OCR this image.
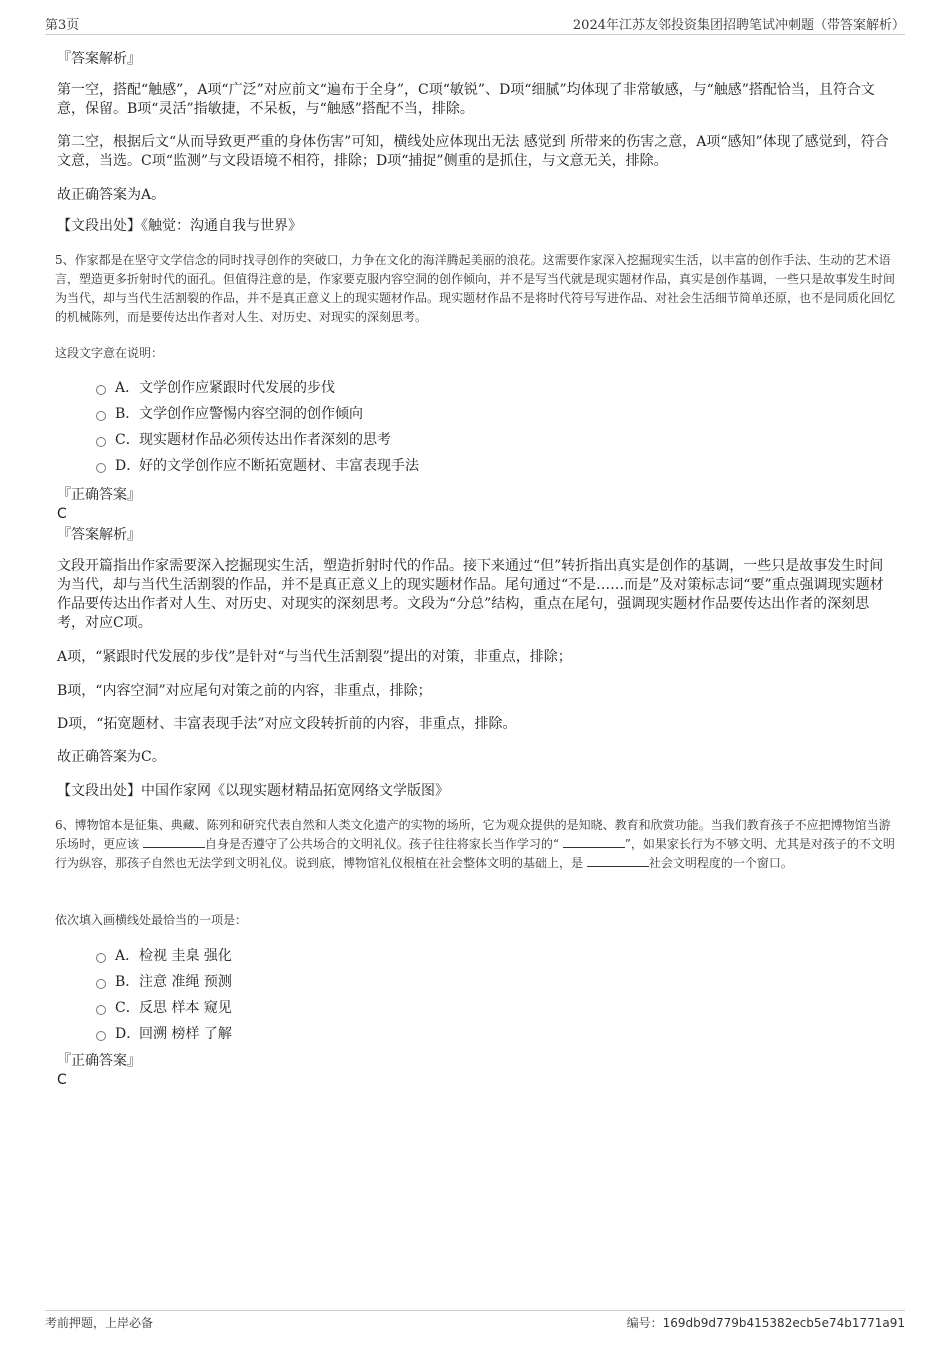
第3页	2024年江苏友邻投资集团招聘笔试冲刺题（带答案解析）
『答案解析』
第一空，搭配“触感”，A项“广泛”对应前文“遍布于全身”，C项“敏锐”、D项“细腻”均体现了非常敏感，与“触感”搭配恰当，且符合文意，保留。B项“灵活”指敏捷，不呆板，与“触感”搭配不当，排除。
第二空，根据后文“从而导致更严重的身体伤害”可知，横线处应体现出无法 感觉到 所带来的伤害之意，A项“感知”体现了感觉到，符合文意，当选。C项“监测”与文段语境不相符，排除；D项“捕捉”侧重的是抓住，与文意无关，排除。
故正确答案为A。
【文段出处】《触觉：沟通自我与世界》
5、作家都是在坚守文学信念的同时找寻创作的突破口，力争在文化的海洋腾起美丽的浪花。这需要作家深入挖掘现实生活，以丰富的创作手法、生动的艺术语言，塑造更多折射时代的面孔。但值得注意的是，作家要克服内容空洞的创作倾向，并不是写当代就是现实题材作品，真实是创作基调，一些只是故事发生时间为当代，却与当代生活割裂的作品，并不是真正意义上的现实题材作品。现实题材作品不是将时代符号写进作品、对社会生活细节简单还原，也不是同质化回忆的机械陈列，而是要传达出作者对人生、对历史、对现实的深刻思考。
这段文字意在说明：
A．文学创作应紧跟时代发展的步伐
B．文学创作应警惕内容空洞的创作倾向
C．现实题材作品必须传达出作者深刻的思考
D．好的文学创作应不断拓宽题材、丰富表现手法
『正确答案』
C
『答案解析』
文段开篇指出作家需要深入挖掘现实生活，塑造折射时代的作品。接下来通过“但”转折指出真实是创作的基调，一些只是故事发生时间为当代，却与当代生活割裂的作品，并不是真正意义上的现实题材作品。尾句通过“不是……而是”及对策标志词“要”重点强调现实题材作品要传达出作者对人生、对历史、对现实的深刻思考。文段为“分总”结构，重点在尾句，强调现实题材作品要传达出作者的深刻思考，对应C项。
A项，“紧跟时代发展的步伐”是针对“与当代生活割裂”提出的对策，非重点，排除；
B项，“内容空洞”对应尾句对策之前的内容，非重点，排除；
D项，“拓宽题材、丰富表现手法”对应文段转折前的内容，非重点，排除。
故正确答案为C。
【文段出处】中国作家网《以现实题材精品拓宽网络文学版图》
6、博物馆本是征集、典藏、陈列和研究代表自然和人类文化遗产的实物的场所，它为观众提供的是知晓、教育和欣赏功能。当我们教育孩子不应把博物馆当游乐场时，更应该	自身是否遵守了公共场合的文明礼仪。孩子往往将家长当作学习的“	”，如果家长行为不够文明、尤其是对孩子的不文明行为纵容，那孩子自然也无法学到文明礼仪。说到底，博物馆礼仪根植在社会整体文明的基础上，是	社会文明程度的一个窗口。
依次填入画横线处最恰当的一项是：
A．检视 圭臬 强化
B．注意 准绳 预测
C．反思 样本 窥见
D．回溯 榜样 了解
『正确答案』
C
考前押题，上岸必备	编号：169db9d779b415382ecb5e74b1771a91
